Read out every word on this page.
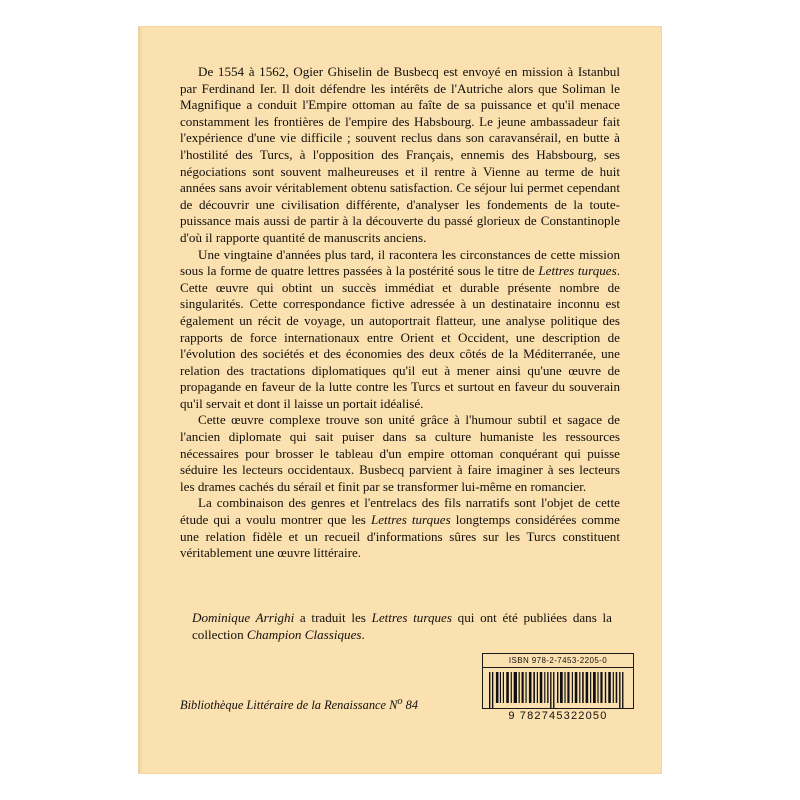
De 1554 à 1562, Ogier Ghiselin de Busbecq est envoyé en mission à Istanbul par Ferdinand Ier. Il doit défendre les intérêts de l'Autriche alors que Soliman le Magnifique a conduit l'Empire ottoman au faîte de sa puissance et qu'il menace constamment les frontières de l'empire des Habsbourg. Le jeune ambassadeur fait l'expérience d'une vie difficile ; souvent reclus dans son caravansérail, en butte à l'hostilité des Turcs, à l'opposition des Français, ennemis des Habsbourg, ses négociations sont souvent malheureuses et il rentre à Vienne au terme de huit années sans avoir véritablement obtenu satisfaction. Ce séjour lui permet cependant de découvrir une civilisation différente, d'analyser les fondements de la toute-puissance mais aussi de partir à la découverte du passé glorieux de Constantinople d'où il rapporte quantité de manuscrits anciens.

Une vingtaine d'années plus tard, il racontera les circonstances de cette mission sous la forme de quatre lettres passées à la postérité sous le titre de Lettres turques. Cette œuvre qui obtint un succès immédiat et durable présente nombre de singularités. Cette correspondance fictive adressée à un destinataire inconnu est également un récit de voyage, un autoportrait flatteur, une analyse politique des rapports de force internationaux entre Orient et Occident, une description de l'évolution des sociétés et des économies des deux côtés de la Méditerranée, une relation des tractations diplomatiques qu'il eut à mener ainsi qu'une œuvre de propagande en faveur de la lutte contre les Turcs et surtout en faveur du souverain qu'il servait et dont il laisse un portait idéalisé.

Cette œuvre complexe trouve son unité grâce à l'humour subtil et sagace de l'ancien diplomate qui sait puiser dans sa culture humaniste les ressources nécessaires pour brosser le tableau d'un empire ottoman conquérant qui puisse séduire les lecteurs occidentaux. Busbecq parvient à faire imaginer à ses lecteurs les drames cachés du sérail et finit par se transformer lui-même en romancier.

La combinaison des genres et l'entrelacs des fils narratifs sont l'objet de cette étude qui a voulu montrer que les Lettres turques longtemps considérées comme une relation fidèle et un recueil d'informations sûres sur les Turcs constituent véritablement une œuvre littéraire.

Dominique Arrighi a traduit les Lettres turques qui ont été publiées dans la collection Champion Classiques.
Bibliothèque Littéraire de la Renaissance $N^o$ 84
ISBN 978-2-7453-2205-0
9 782745322050
